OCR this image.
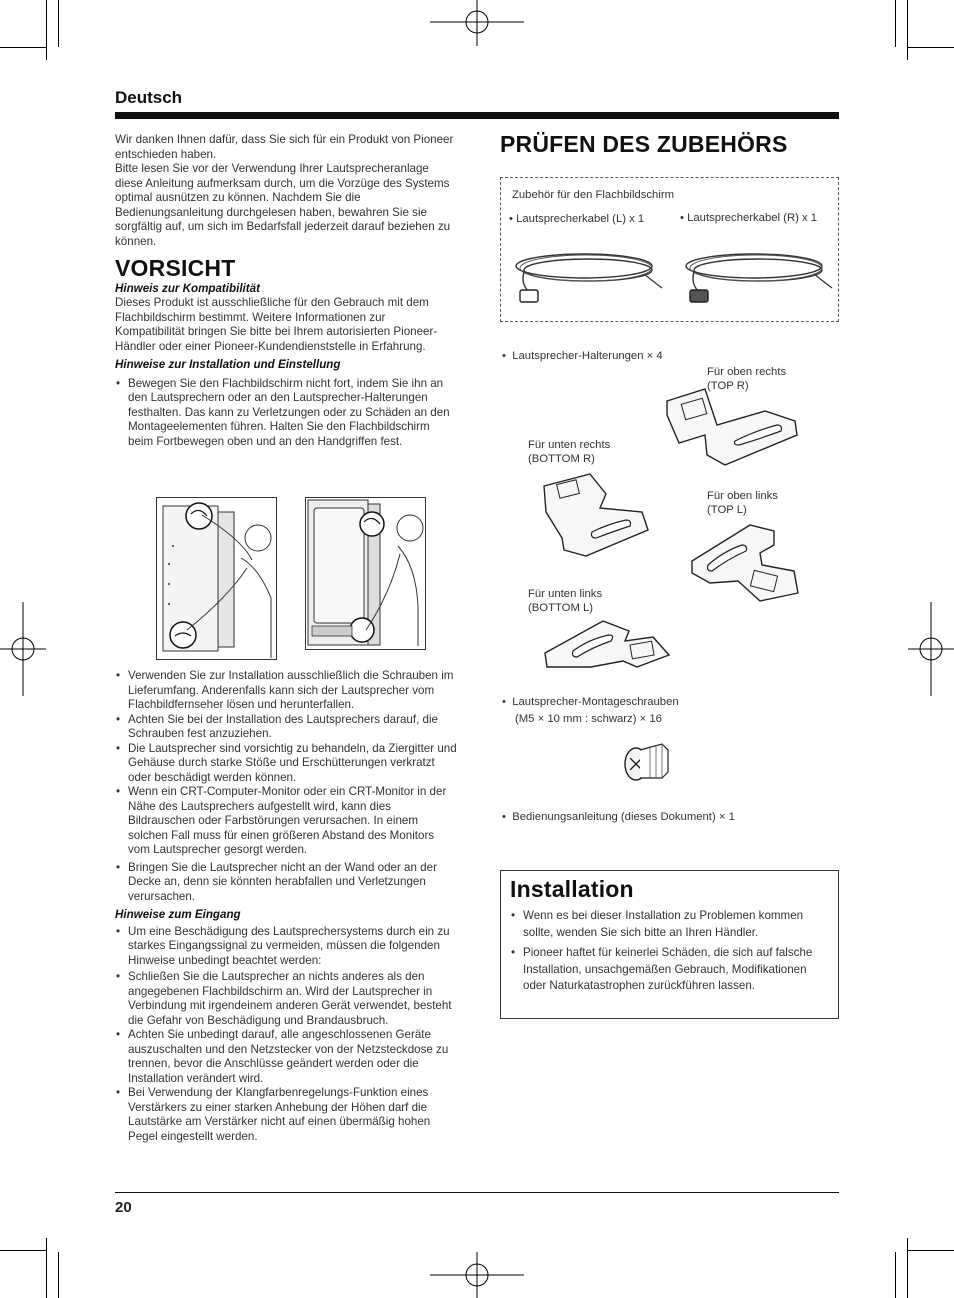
Deutsch
Wir danken Ihnen dafür, dass Sie sich für ein Produkt von Pioneer entschieden haben.
Bitte lesen Sie vor der Verwendung Ihrer Lautsprecheranlage diese Anleitung aufmerksam durch, um die Vorzüge des Systems optimal ausnützen zu können. Nachdem Sie die Bedienungsanleitung durchgelesen haben, bewahren Sie sie sorgfältig auf, um sich im Bedarfsfall jederzeit darauf beziehen zu können.
VORSICHT
Hinweis zur Kompatibilität
Dieses Produkt ist ausschließliche für den Gebrauch mit dem Flachbildschirm bestimmt. Weitere Informationen zur Kompatibilität bringen Sie bitte bei Ihrem autorisierten Pioneer-Händler oder einer Pioneer-Kundendienststelle in Erfahrung.
Hinweise zur Installation und Einstellung
• Bewegen Sie den Flachbildschirm nicht fort, indem Sie ihn an den Lautsprechern oder an den Lautsprecher-Halterungen festhalten. Das kann zu Verletzungen oder zu Schäden an den Montageelementen führen. Halten Sie den Flachbildschirm beim Fortbewegen oben und an den Handgriffen fest.
• Verwenden Sie zur Installation ausschließlich die Schrauben im Lieferumfang. Anderenfalls kann sich der Lautsprecher vom Flachbildfernseher lösen und herunterfallen.
• Achten Sie bei der Installation des Lautsprechers darauf, die Schrauben fest anzuziehen.
• Die Lautsprecher sind vorsichtig zu behandeln, da Ziergitter und Gehäuse durch starke Stöße und Erschütterungen verkratzt oder beschädigt werden können.
• Wenn ein CRT-Computer-Monitor oder ein CRT-Monitor in der Nähe des Lautsprechers aufgestellt wird, kann dies Bildrauschen oder Farbstörungen verursachen. In einem solchen Fall muss für einen größeren Abstand des Monitors vom Lautsprecher gesorgt werden.
• Bringen Sie die Lautsprecher nicht an der Wand oder an der Decke an, denn sie könnten herabfallen und Verletzungen verursachen.
Hinweise zum Eingang
• Um eine Beschädigung des Lautsprechersystems durch ein zu starkes Eingangssignal zu vermeiden, müssen die folgenden Hinweise unbedingt beachtet werden:
• Schließen Sie die Lautsprecher an nichts anderes als den angegebenen Flachbildschirm an. Wird der Lautsprecher in Verbindung mit irgendeinem anderen Gerät verwendet, besteht die Gefahr von Beschädigung und Brandausbruch.
• Achten Sie unbedingt darauf, alle angeschlossenen Geräte auszuschalten und den Netzstecker von der Netzsteckdose zu trennen, bevor die Anschlüsse geändert werden oder die Installation verändert wird.
• Bei Verwendung der Klangfarbenregelungs-Funktion eines Verstärkers zu einer starken Anhebung der Höhen darf die Lautstärke am Verstärker nicht auf einen übermäßig hohen Pegel eingestellt werden.
PRÜFEN DES ZUBEHÖRS
Zubehör für den Flachbildschirm
• Lautsprecherkabel (L) x 1	• Lautsprecherkabel (R) x 1
•  Lautsprecher-Halterungen × 4
Für oben rechts
(TOP R)
Für unten rechts
(BOTTOM R)
Für oben links
(TOP L)
Für unten links
(BOTTOM L)
•  Lautsprecher-Montageschrauben
(M5 × 10 mm : schwarz) × 16
•  Bedienungsanleitung (dieses Dokument) × 1
Installation
• Wenn es bei dieser Installation zu Problemen kommen sollte, wenden Sie sich bitte an Ihren Händler.
• Pioneer haftet für keinerlei Schäden, die sich auf falsche Installation, unsachgemäßen Gebrauch, Modifikationen oder Naturkatastrophen zurückführen lassen.
20
